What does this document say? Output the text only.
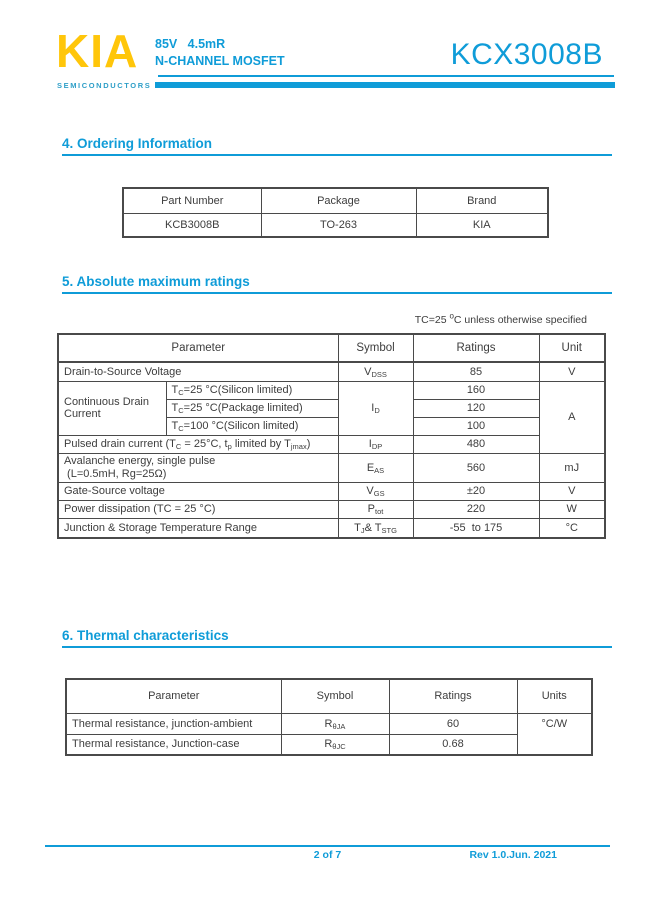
KIA
SEMICONDUCTORS
85V   4.5mR
N-CHANNEL MOSFET	KCX3008B
4. Ordering Information
Part Number	Package	Brand
KCB3008B	TO-263	KIA
5. Absolute maximum ratings
TC=25 $^o$C unless otherwise specified
Parameter		Symbol	Ratings	Unit
Drain-to-Source Voltage		$V_{DSS}$	85	V
Continuous Drain Current	$T_C=25$ °C(Silicon limited)	$I_D$	160	A
	$T_C=25$ °C(Package limited)		120	
	$T_C=100$ °C(Silicon limited)		100	
Pulsed drain current ($T_C = 25^\circ C$, $t_p$ limited by $T_{jmax}$)		$I_{DP}$	480	

Avalanche energy, single pulse
(L=0.5mH, Rg=25Ω)		$E_{AS}$	560	mJ
Gate-Source voltage		$V_{GS}$	±20	V
Power dissipation (TC = 25 °C)		$P_{tot}$	220	W
Junction & Storage Temperature Range		$T_J\&$ $T_{STG}$	-55  to 175	°C
6. Thermal characteristics
Parameter	Symbol	Ratings	Units
Thermal resistance, junction-ambient	$R_{\theta JA}$	60	°C/W
Thermal resistance, Junction-case	$R_{\theta JC}$	0.68	
2 of 7	Rev 1.0.Jun. 2021
